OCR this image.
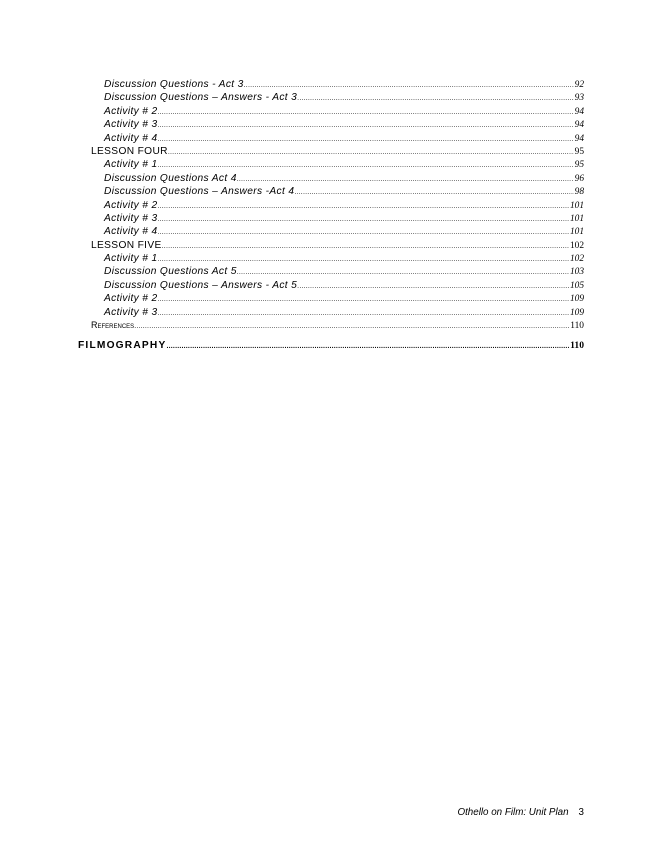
Discussion Questions - Act 3 .....	92
Discussion Questions – Answers - Act 3 .....	93
Activity # 2 .....	94
Activity # 3 .....	94
Activity # 4 .....	94
LESSON FOUR .....	95
Activity # 1 .....	95
Discussion Questions Act 4 .....	96
Discussion Questions – Answers -Act 4 .....	98
Activity # 2 .....	101
Activity # 3 .....	101
Activity # 4 .....	101
LESSON FIVE .....	102
Activity # 1 .....	102
Discussion Questions Act 5 .....	103
Discussion Questions – Answers - Act 5 .....	105
Activity # 2 .....	109
Activity # 3 .....	109
References .....	110
FILMOGRAPHY .....	110
Othello on Film: Unit Plan 3
